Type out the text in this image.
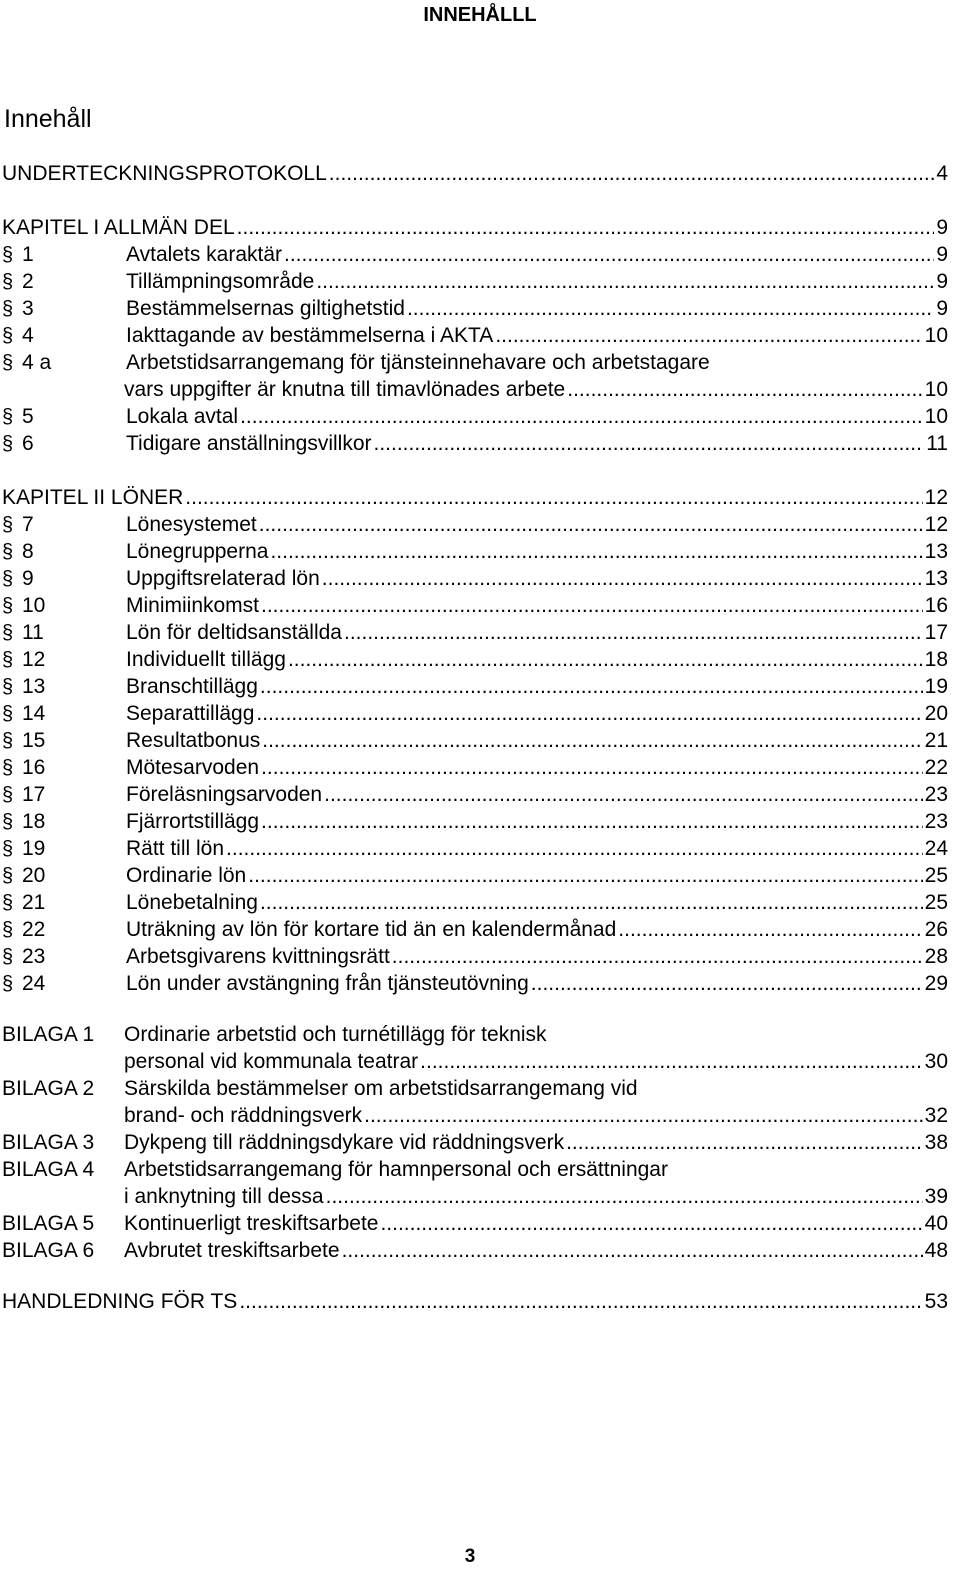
INNEHÅLLL
Innehåll
UNDERTECKNINGSPROTOKOLL .....	4
KAPITEL I ALLMÄN DEL .....	9
§ 1	Avtalets karaktär .....	9
§ 2	Tillämpningsområde .....	9
§ 3	Bestämmelsernas giltighetstid .....	9
§ 4	Iakttagande av bestämmelserna i AKTA .....	10
§ 4 a	Arbetstidsarrangemang för tjänsteinnehavare och arbetstagare
vars uppgifter är knutna till timavlönades arbete .....	10
§ 5	Lokala avtal .....	10
§ 6	Tidigare anställningsvillkor .....	11
KAPITEL II LÖNER .....	12
§ 7	Lönesystemet .....	12
§ 8	Lönegrupperna .....	13
§ 9	Uppgiftsrelaterad lön .....	13
§ 10	Minimiinkomst .....	16
§ 11	Lön för deltidsanställda .....	17
§ 12	Individuellt tillägg .....	18
§ 13	Branschtillägg .....	19
§ 14	Separattillägg .....	20
§ 15	Resultatbonus .....	21
§ 16	Mötesarvoden .....	22
§ 17	Föreläsningsarvoden .....	23
§ 18	Fjärrortstillägg .....	23
§ 19	Rätt till lön .....	24
§ 20	Ordinarie lön .....	25
§ 21	Lönebetalning .....	25
§ 22	Uträkning av lön för kortare tid än en kalendermånad .....	26
§ 23	Arbetsgivarens kvittningsrätt .....	28
§ 24	Lön under avstängning från tjänsteutövning .....	29
BILAGA 1	Ordinarie arbetstid och turnétillägg för teknisk
personal vid kommunala teatrar .....	30
BILAGA 2	Särskilda bestämmelser om arbetstidsarrangemang vid
brand- och räddningsverk .....	32
BILAGA 3	Dykpeng till räddningsdykare vid räddningsverk .....	38
BILAGA 4	Arbetstidsarrangemang för hamnpersonal och ersättningar
i anknytning till dessa .....	39
BILAGA 5	Kontinuerligt treskiftsarbete .....	40
BILAGA 6	Avbrutet treskiftsarbete .....	48
HANDLEDNING FÖR TS .....	53
3
